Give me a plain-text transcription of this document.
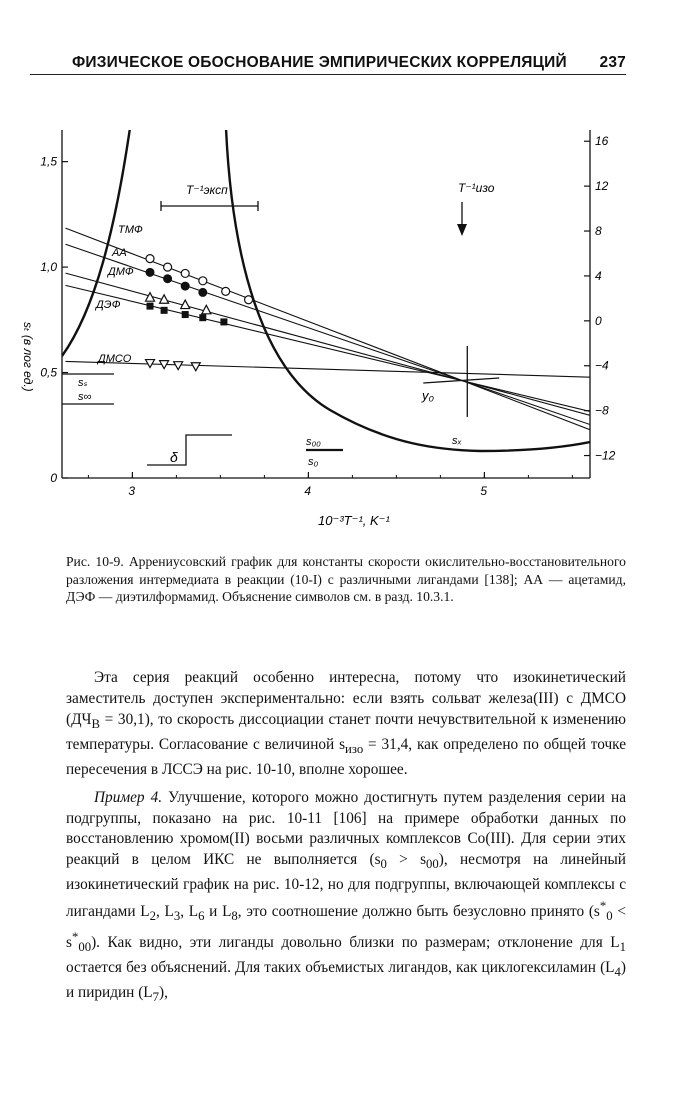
ФИЗИЧЕСКОЕ ОБОСНОВАНИЕ ЭМПИРИЧЕСКИХ КОРРЕЛЯЦИЙ 237
3	4	5
0
0,5
1,0
1,5
16
12
8
4
0
−4
−8
−12
10⁻³T⁻¹, K⁻¹
sₜ (в лог ед.)
ТМФ
АА
ДМФ
ДЭФ
ДМСО
T⁻¹эксп	T⁻¹изо
sₛ
s∞
δ
s₀₀
s₀
y₀
sₓ
Рис. 10-9. Аррениусовский график для константы скорости окислительно-восстановительного разложения интермедиата в реакции (10-I) с различными лигандами [138]; АА — ацетамид, ДЭФ — диэтилформамид. Объяснение символов см. в разд. 10.3.1.

Эта серия реакций особенно интересна, потому что изокинетический заместитель доступен экспериментально: если взять сольват железа(III) с ДМСО $(ДЧ_B = 30,1)$, то скорость диссоциации станет почти нечувствительной к изменению температуры. Согласование с величиной $s_{изо} = 31,4$, как определено по общей точке пересечения в ЛССЭ на рис. 10-10, вполне хорошее.

Пример 4. Улучшение, которого можно достигнуть путем разделения серии на подгруппы, показано на рис. 10-11 [106] на примере обработки данных по восстановлению хромом(II) восьми различных комплексов Co(III). Для серии этих реакций в целом ИКС не выполняется $(s_0 > s_{00})$, несмотря на линейный изокинетический график на рис. 10-12, но для подгруппы, включающей комплексы с лигандами $L_2$, $L_3$, $L_6$ и $L_8$, это соотношение должно быть безусловно принято $(s^*_0 < s^*_{00})$. Как видно, эти лиганды довольно близки по размерам; отклонение для $L_1$ остается без объяснений. Для таких объемистых лигандов, как циклогексиламин $(L_4)$ и пиридин $(L_7)$,
